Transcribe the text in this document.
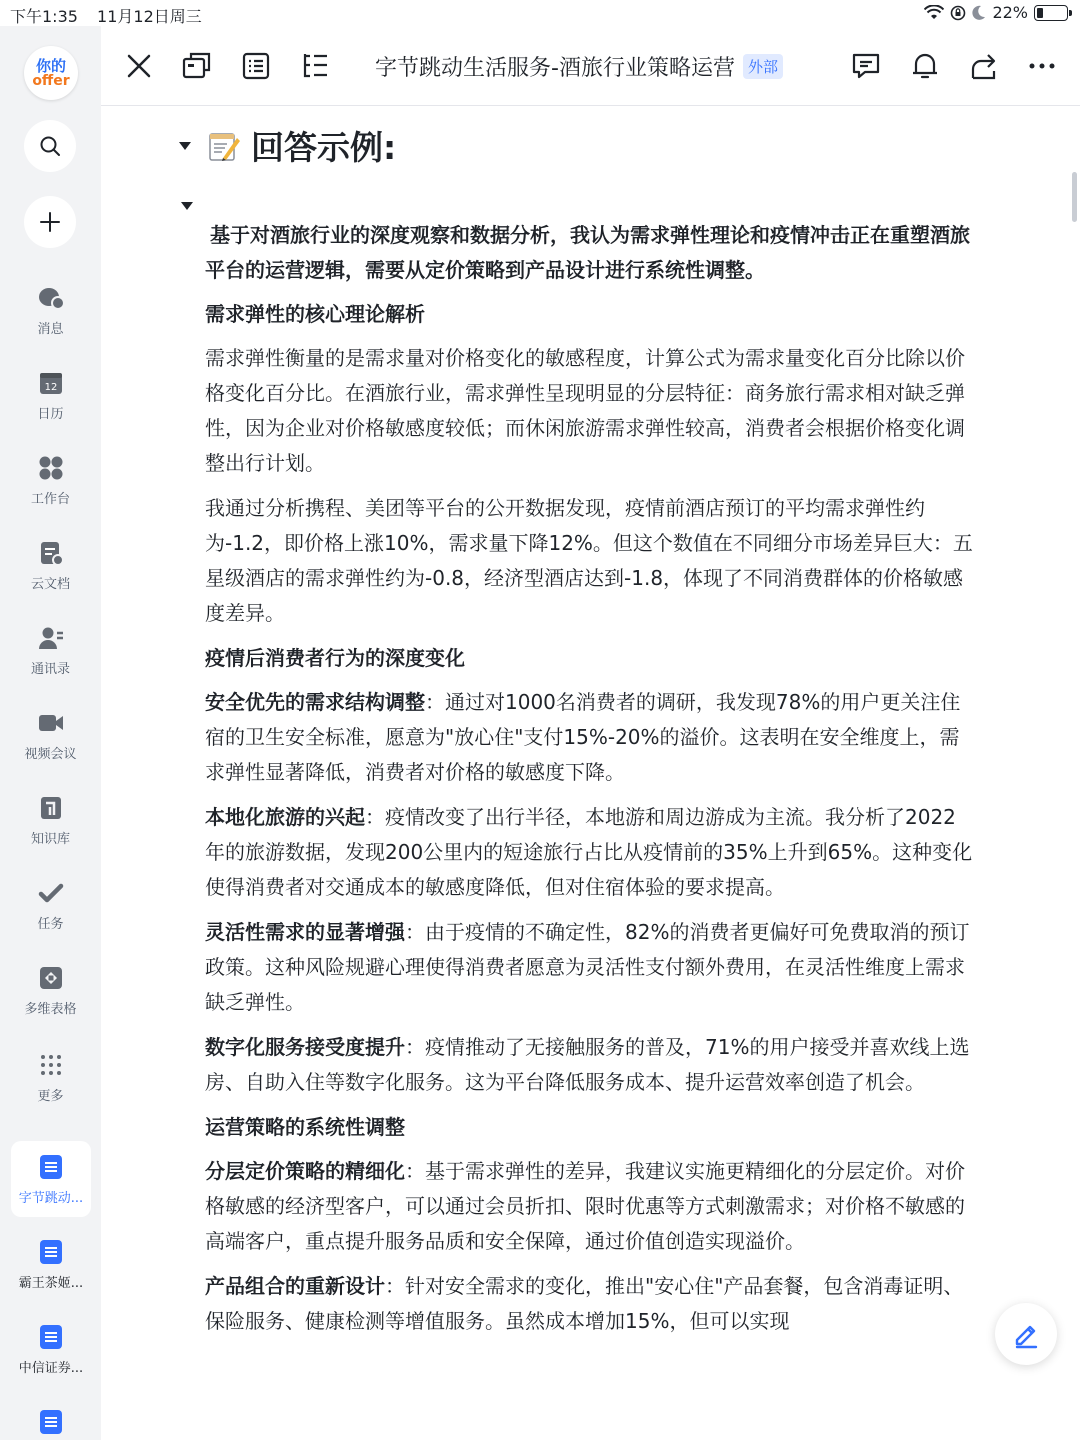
下午1:35 11月12日周三	22%
你的
offer
消息
12
日历
工作台
云文档
通讯录
视频会议
知识库
任务
多维表格
更多
字节跳动...
霸王茶姬...
中信证券...
字节跳动生活服务-酒旅行业策略运营 外部
回答示例:

基于对酒旅行业的深度观察和数据分析，我认为需求弹性理论和疫情冲击正在重塑酒旅平台的运营逻辑，需要从定价策略到产品设计进行系统性调整。

需求弹性的核心理论解析

需求弹性衡量的是需求量对价格变化的敏感程度，计算公式为需求量变化百分比除以价格变化百分比。在酒旅行业，需求弹性呈现明显的分层特征：商务旅行需求相对缺乏弹性，因为企业对价格敏感度较低；而休闲旅游需求弹性较高，消费者会根据价格变化调整出行计划。

我通过分析携程、美团等平台的公开数据发现，疫情前酒店预订的平均需求弹性约为-1.2，即价格上涨10%，需求量下降12%。但这个数值在不同细分市场差异巨大：五星级酒店的需求弹性约为-0.8，经济型酒店达到-1.8，体现了不同消费群体的价格敏感度差异。

疫情后消费者行为的深度变化

安全优先的需求结构调整：通过对1000名消费者的调研，我发现78%的用户更关注住宿的卫生安全标准，愿意为"放心住"支付15%-20%的溢价。这表明在安全维度上，需求弹性显著降低，消费者对价格的敏感度下降。

本地化旅游的兴起：疫情改变了出行半径，本地游和周边游成为主流。我分析了2022年的旅游数据，发现200公里内的短途旅行占比从疫情前的35%上升到65%。这种变化使得消费者对交通成本的敏感度降低，但对住宿体验的要求提高。

灵活性需求的显著增强：由于疫情的不确定性，82%的消费者更偏好可免费取消的预订政策。这种风险规避心理使得消费者愿意为灵活性支付额外费用，在灵活性维度上需求缺乏弹性。

数字化服务接受度提升：疫情推动了无接触服务的普及，71%的用户接受并喜欢线上选房、自助入住等数字化服务。这为平台降低服务成本、提升运营效率创造了机会。

运营策略的系统性调整

分层定价策略的精细化：基于需求弹性的差异，我建议实施更精细化的分层定价。对价格敏感的经济型客户，可以通过会员折扣、限时优惠等方式刺激需求；对价格不敏感的高端客户，重点提升服务品质和安全保障，通过价值创造实现溢价。

产品组合的重新设计：针对安全需求的变化，推出"安心住"产品套餐，包含消毒证明、保险服务、健康检测等增值服务。虽然成本增加15%，但可以实现
